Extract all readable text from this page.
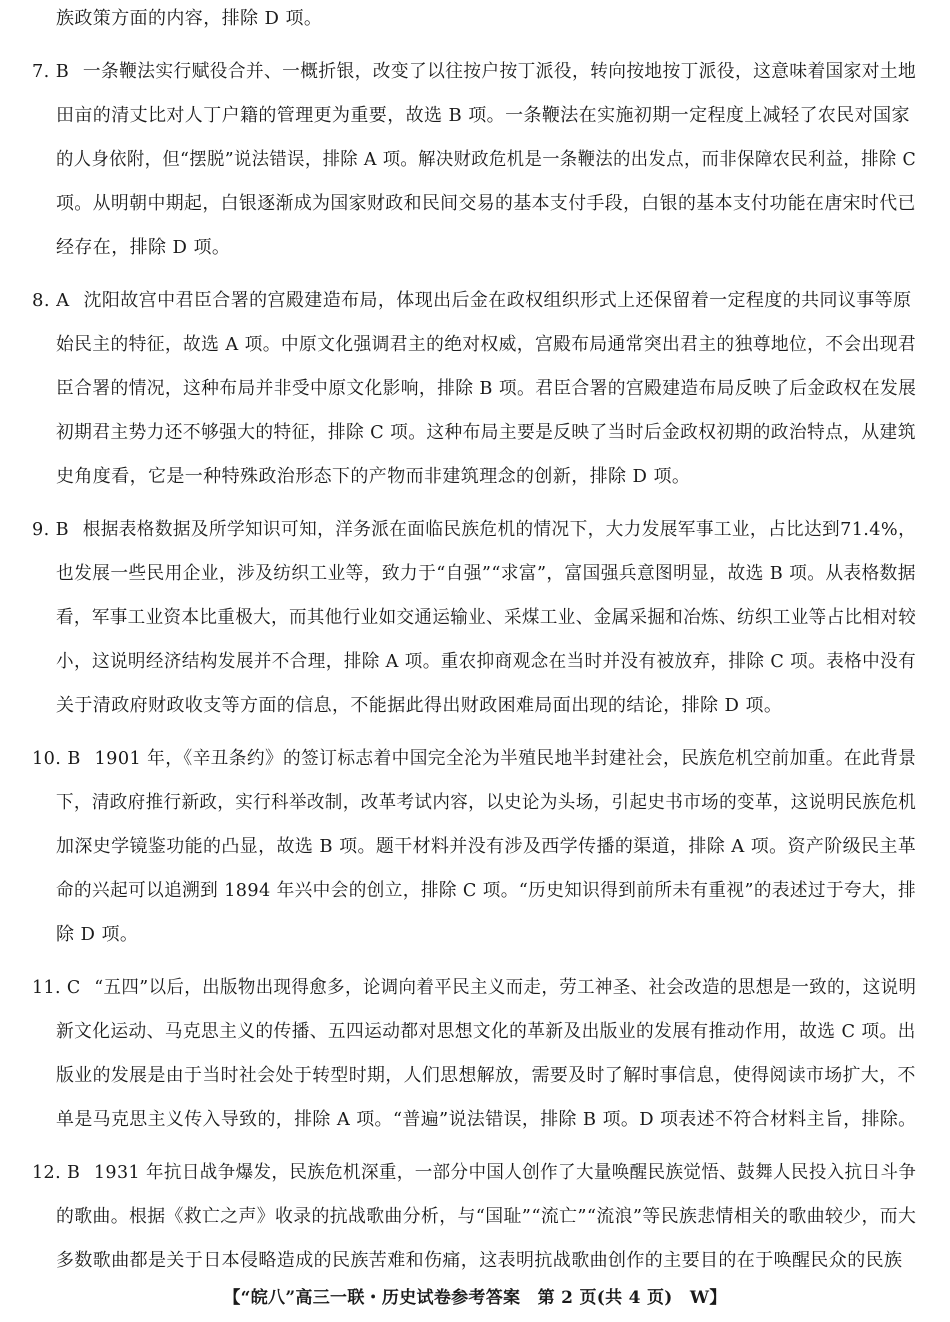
族政策方面的内容，排除 D 项。
7. B 一条鞭法实行赋役合并、一概折银，改变了以往按户按丁派役，转向按地按丁派役，这意味着国家对土地
田亩的清丈比对人丁户籍的管理更为重要，故选 B 项。一条鞭法在实施初期一定程度上减轻了农民对国家
的人身依附，但“摆脱”说法错误，排除 A 项。解决财政危机是一条鞭法的出发点，而非保障农民利益，排除 C
项。从明朝中期起，白银逐渐成为国家财政和民间交易的基本支付手段，白银的基本支付功能在唐宋时代已
经存在，排除 D 项。
8. A 沈阳故宫中君臣合署的宫殿建造布局，体现出后金在政权组织形式上还保留着一定程度的共同议事等原
始民主的特征，故选 A 项。中原文化强调君主的绝对权威，宫殿布局通常突出君主的独尊地位，不会出现君
臣合署的情况，这种布局并非受中原文化影响，排除 B 项。君臣合署的宫殿建造布局反映了后金政权在发展
初期君主势力还不够强大的特征，排除 C 项。这种布局主要是反映了当时后金政权初期的政治特点，从建筑
史角度看，它是一种特殊政治形态下的产物而非建筑理念的创新，排除 D 项。
9. B 根据表格数据及所学知识可知，洋务派在面临民族危机的情况下，大力发展军事工业，占比达到71.4%，
也发展一些民用企业，涉及纺织工业等，致力于“自强”“求富”，富国强兵意图明显，故选 B 项。从表格数据
看，军事工业资本比重极大，而其他行业如交通运输业、采煤工业、金属采掘和冶炼、纺织工业等占比相对较
小，这说明经济结构发展并不合理，排除 A 项。重农抑商观念在当时并没有被放弃，排除 C 项。表格中没有
关于清政府财政收支等方面的信息，不能据此得出财政困难局面出现的结论，排除 D 项。
10. B 1901 年，《辛丑条约》的签订标志着中国完全沦为半殖民地半封建社会，民族危机空前加重。在此背景
下，清政府推行新政，实行科举改制，改革考试内容，以史论为头场，引起史书市场的变革，这说明民族危机
加深史学镜鉴功能的凸显，故选 B 项。题干材料并没有涉及西学传播的渠道，排除 A 项。资产阶级民主革
命的兴起可以追溯到 1894 年兴中会的创立，排除 C 项。“历史知识得到前所未有重视”的表述过于夸大，排
除 D 项。
11. C “五四”以后，出版物出现得愈多，论调向着平民主义而走，劳工神圣、社会改造的思想是一致的，这说明
新文化运动、马克思主义的传播、五四运动都对思想文化的革新及出版业的发展有推动作用，故选 C 项。出
版业的发展是由于当时社会处于转型时期，人们思想解放，需要及时了解时事信息，使得阅读市场扩大，不
单是马克思主义传入导致的，排除 A 项。“普遍”说法错误，排除 B 项。D 项表述不符合材料主旨，排除。
12. B 1931 年抗日战争爆发，民族危机深重，一部分中国人创作了大量唤醒民族觉悟、鼓舞人民投入抗日斗争
的歌曲。根据《救亡之声》收录的抗战歌曲分析，与“国耻”“流亡”“流浪”等民族悲情相关的歌曲较少，而大
多数歌曲都是关于日本侵略造成的民族苦难和伤痛，这表明抗战歌曲创作的主要目的在于唤醒民众的民族
【“皖八”高三一联・历史试卷参考答案　第 2 页(共 4 页)　W】
